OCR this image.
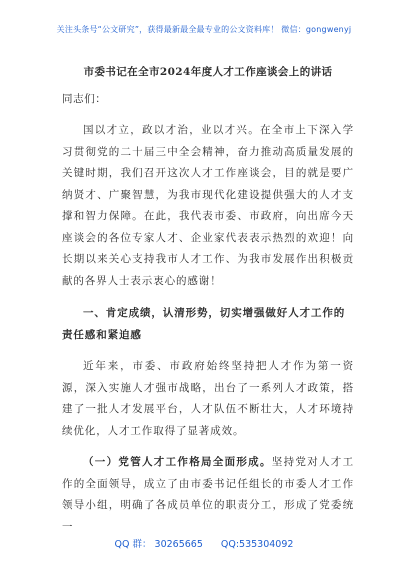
关注头条号“公文研究”，获得最新最全最专业的公文资料库！ 微信：gongwenyj
市委书记在全市2024年度人才工作座谈会上的讲话
同志们：

国以才立，政以才治，业以才兴。在全市上下深入学习贯彻党的二十届三中全会精神，奋力推动高质量发展的关键时期，我们召开这次人才工作座谈会，目的就是要广纳贤才、广聚智慧，为我市现代化建设提供强大的人才支撑和智力保障。在此，我代表市委、市政府，向出席今天座谈会的各位专家人才、企业家代表表示热烈的欢迎！向长期以来关心支持我市人才工作、为我市发展作出积极贡献的各界人士表示衷心的感谢！

一、肯定成绩，认清形势，切实增强做好人才工作的责任感和紧迫感

近年来，市委、市政府始终坚持把人才作为第一资源，深入实施人才强市战略，出台了一系列人才政策，搭建了一批人才发展平台，人才队伍不断壮大，人才环境持续优化，人才工作取得了显著成效。

（一）党管人才工作格局全面形成。坚持党对人才工作的全面领导，成立了由市委书记任组长的市委人才工作领导小组，明确了各成员单位的职责分工，形成了党委统一

QQ 群： 30265665 QQ:535304092
